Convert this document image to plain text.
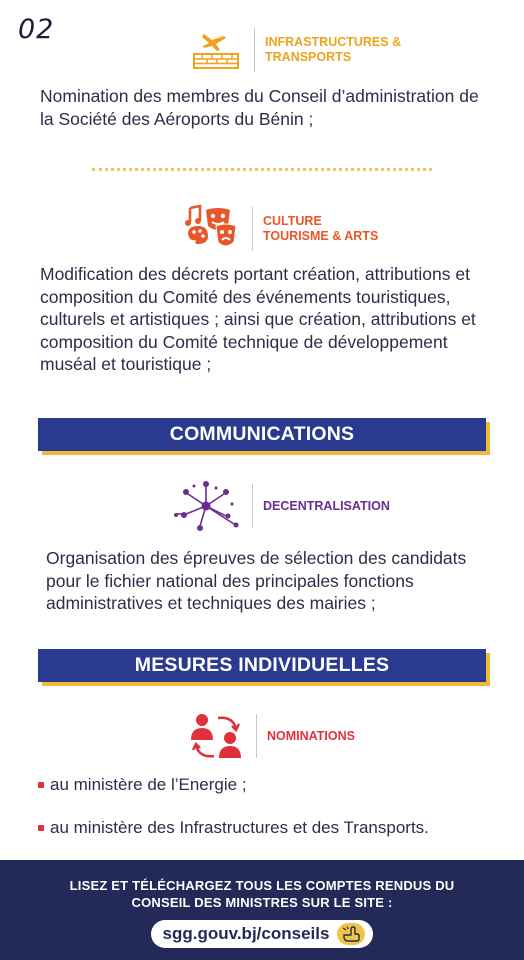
02	INFRASTRUCTURES &
TRANSPORTS
Nomination des membres du Conseil d’administration de la Société des Aéroports du Bénin ;
CULTURE
TOURISME & ARTS
Modification des décrets portant création, attributions et composition du Comité des événements touristiques, culturels et artistiques ; ainsi que création, attributions et composition du Comité technique de développement muséal et touristique ;
COMMUNICATIONS
DECENTRALISATION
Organisation des épreuves de sélection des candidats pour le fichier national des principales fonctions administratives et techniques des mairies ;
MESURES INDIVIDUELLES
NOMINATIONS
au ministère de l’Energie ;
au ministère des Infrastructures et des Transports.
LISEZ ET TÉLÉCHARGEZ TOUS LES COMPTES RENDUS DU
CONSEIL DES MINISTRES SUR LE SITE :
sgg.gouv.bj/conseils
